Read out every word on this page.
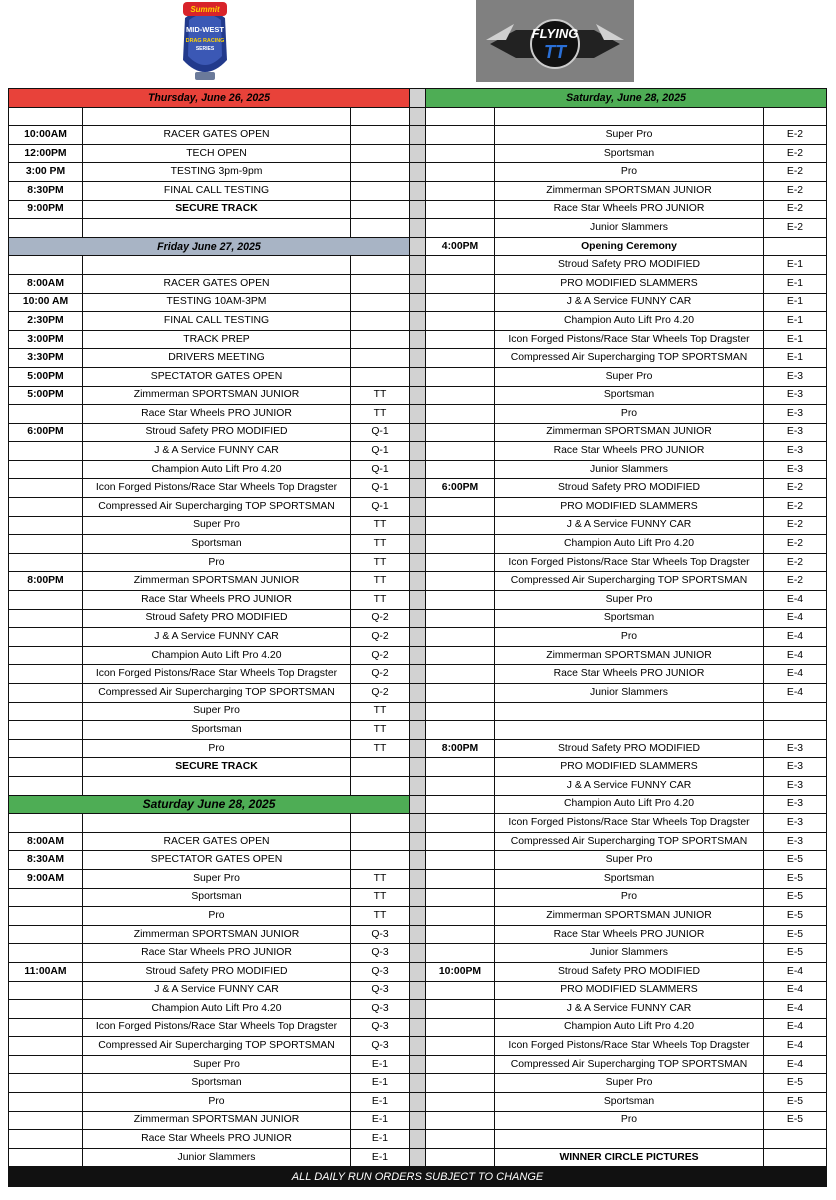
Summit
MID-WEST
DRAG RACING
SERIES
FLYING
TT
Thursday, June 26, 2025				Saturday, June 28, 2025		

10:00AM	RACER GATES OPEN				Super Pro	E-2
12:00PM	TECH OPEN				Sportsman	E-2
3:00 PM	TESTING 3pm-9pm				Pro	E-2
8:30PM	FINAL CALL TESTING				Zimmerman SPORTSMAN JUNIOR	E-2
9:00PM	SECURE TRACK				Race Star Wheels PRO JUNIOR	E-2
					Junior Slammers	E-2
Friday June 27, 2025				4:00PM	Opening Ceremony	
					Stroud Safety PRO MODIFIED	E-1
8:00AM	RACER GATES OPEN				PRO MODIFIED SLAMMERS	E-1
10:00 AM	TESTING 10AM-3PM				J & A Service FUNNY CAR	E-1
2:30PM	FINAL CALL TESTING				Champion Auto Lift Pro 4.20	E-1
3:00PM	TRACK PREP				Icon Forged Pistons/Race Star Wheels Top Dragster	E-1
3:30PM	DRIVERS MEETING				Compressed Air Supercharging TOP SPORTSMAN	E-1
5:00PM	SPECTATOR GATES OPEN				Super Pro	E-3
5:00PM	Zimmerman SPORTSMAN JUNIOR	TT			Sportsman	E-3
	Race Star Wheels PRO JUNIOR	TT			Pro	E-3
6:00PM	Stroud Safety PRO MODIFIED	Q-1			Zimmerman SPORTSMAN JUNIOR	E-3
	J & A Service FUNNY CAR	Q-1			Race Star Wheels PRO JUNIOR	E-3
	Champion Auto Lift Pro 4.20	Q-1			Junior Slammers	E-3
	Icon Forged Pistons/Race Star Wheels Top Dragster	Q-1		6:00PM	Stroud Safety PRO MODIFIED	E-2
	Compressed Air Supercharging TOP SPORTSMAN	Q-1			PRO MODIFIED SLAMMERS	E-2
	Super Pro	TT			J & A Service FUNNY CAR	E-2
	Sportsman	TT			Champion Auto Lift Pro 4.20	E-2
	Pro	TT			Icon Forged Pistons/Race Star Wheels Top Dragster	E-2
8:00PM	Zimmerman SPORTSMAN JUNIOR	TT			Compressed Air Supercharging TOP SPORTSMAN	E-2
	Race Star Wheels PRO JUNIOR	TT			Super Pro	E-4
	Stroud Safety PRO MODIFIED	Q-2			Sportsman	E-4
	J & A Service FUNNY CAR	Q-2			Pro	E-4
	Champion Auto Lift Pro 4.20	Q-2			Zimmerman SPORTSMAN JUNIOR	E-4
	Icon Forged Pistons/Race Star Wheels Top Dragster	Q-2			Race Star Wheels PRO JUNIOR	E-4
	Compressed Air Supercharging TOP SPORTSMAN	Q-2			Junior Slammers	E-4
	Super Pro	TT				
	Sportsman	TT				
	Pro	TT		8:00PM	Stroud Safety PRO MODIFIED	E-3
	SECURE TRACK				PRO MODIFIED SLAMMERS	E-3
					J & A Service FUNNY CAR	E-3
Saturday June 28, 2025					Champion Auto Lift Pro 4.20	E-3
					Icon Forged Pistons/Race Star Wheels Top Dragster	E-3
8:00AM	RACER GATES OPEN				Compressed Air Supercharging TOP SPORTSMAN	E-3
8:30AM	SPECTATOR GATES OPEN				Super Pro	E-5
9:00AM	Super Pro	TT			Sportsman	E-5
	Sportsman	TT			Pro	E-5
	Pro	TT			Zimmerman SPORTSMAN JUNIOR	E-5
	Zimmerman SPORTSMAN JUNIOR	Q-3			Race Star Wheels PRO JUNIOR	E-5
	Race Star Wheels PRO JUNIOR	Q-3			Junior Slammers	E-5
11:00AM	Stroud Safety PRO MODIFIED	Q-3		10:00PM	Stroud Safety PRO MODIFIED	E-4
	J & A Service FUNNY CAR	Q-3			PRO MODIFIED SLAMMERS	E-4
	Champion Auto Lift Pro 4.20	Q-3			J & A Service FUNNY CAR	E-4
	Icon Forged Pistons/Race Star Wheels Top Dragster	Q-3			Champion Auto Lift Pro 4.20	E-4
	Compressed Air Supercharging TOP SPORTSMAN	Q-3			Icon Forged Pistons/Race Star Wheels Top Dragster	E-4
	Super Pro	E-1			Compressed Air Supercharging TOP SPORTSMAN	E-4
	Sportsman	E-1			Super Pro	E-5
	Pro	E-1			Sportsman	E-5
	Zimmerman SPORTSMAN JUNIOR	E-1			Pro	E-5
	Race Star Wheels PRO JUNIOR	E-1				
	Junior Slammers	E-1			WINNER CIRCLE PICTURES	
ALL DAILY RUN ORDERS SUBJECT TO CHANGE						
